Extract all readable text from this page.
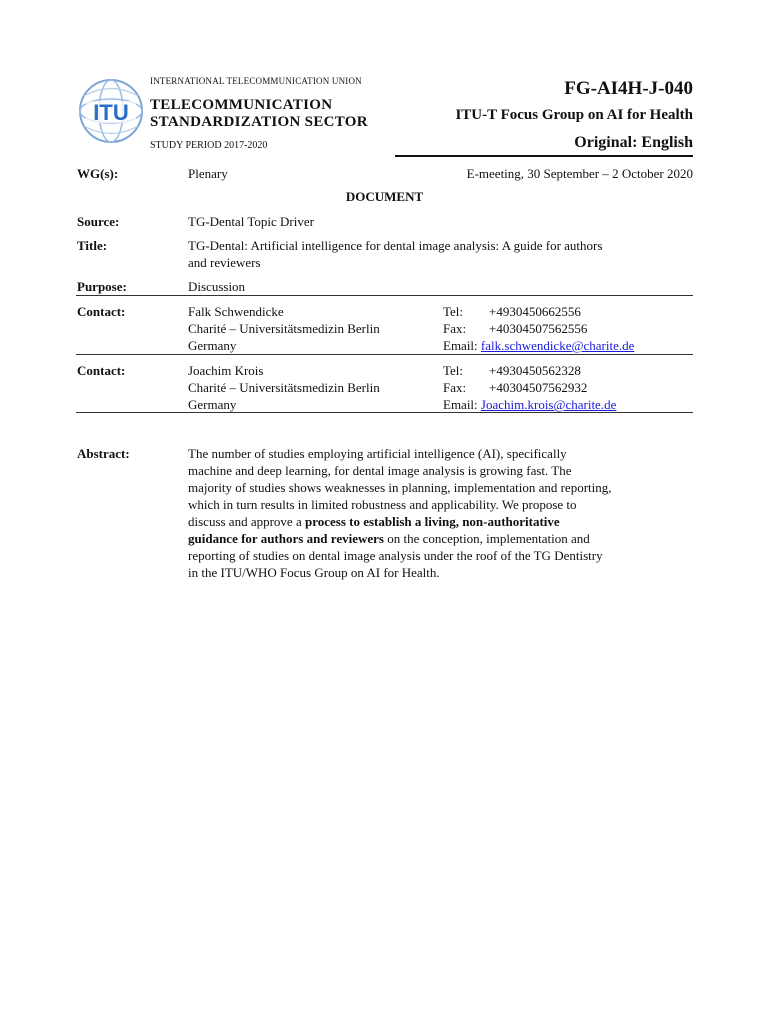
ITU
INTERNATIONAL TELECOMMUNICATION UNION
TELECOMMUNICATION
STANDARDIZATION SECTOR
STUDY PERIOD 2017-2020
FG-AI4H-J-040
ITU-T Focus Group on AI for Health
Original: English
WG(s):	Plenary	E-meeting, 30 September – 2 October 2020
DOCUMENT
Source:	TG-Dental Topic Driver
Title:	TG-Dental: Artificial intelligence for dental image analysis: A guide for authors
and reviewers
Purpose:	Discussion
Contact:	Falk Schwendicke
Charité – Universitätsmedizin Berlin
Germany
Tel: +4930450662556
Fax: +40304507562556
Email: falk.schwendicke@charite.de
Contact:	Joachim Krois
Charité – Universitätsmedizin Berlin
Germany
Tel: +4930450562328
Fax: +40304507562932
Email: Joachim.krois@charite.de
Abstract:	The number of studies employing artificial intelligence (AI), specifically
machine and deep learning, for dental image analysis is growing fast. The
majority of studies shows weaknesses in planning, implementation and reporting,
which in turn results in limited robustness and applicability. We propose to
discuss and approve a process to establish a living, non-authoritative
guidance for authors and reviewers on the conception, implementation and
reporting of studies on dental image analysis under the roof of the TG Dentistry
in the ITU/WHO Focus Group on AI for Health.
